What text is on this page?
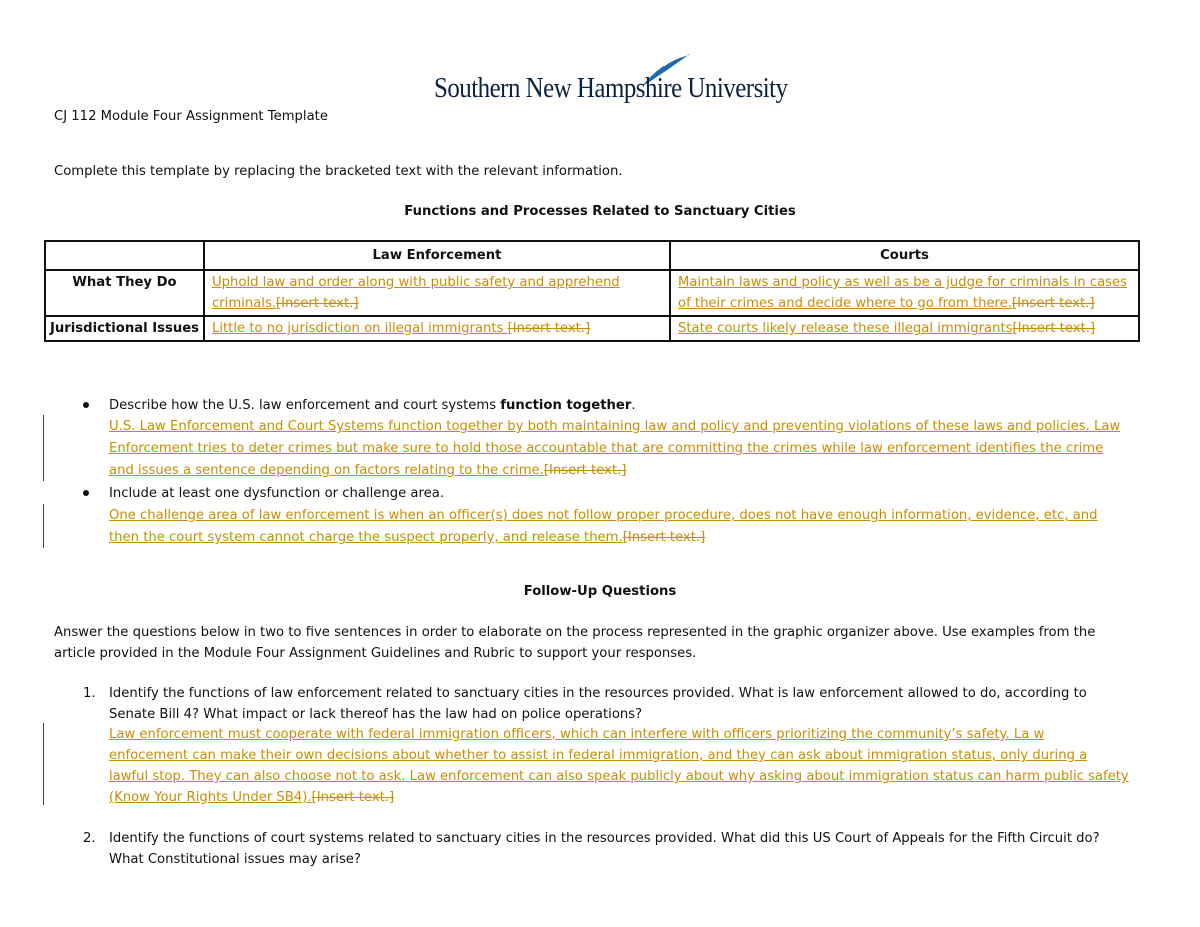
Southern New Hampshire University
CJ 112 Module Four Assignment Template
Complete this template by replacing the bracketed text with the relevant information.
Functions and Processes Related to Sanctuary Cities
	Law Enforcement	Courts
What They Do	Uphold law and order along with public safety and apprehend criminals.[Insert text.]	Maintain laws and policy as well as be a judge for criminals in cases of their crimes and decide where to go from there.[Insert text.]
Jurisdictional Issues	Little to no jurisdiction on illegal immigrants [Insert text.]	State courts likely release these illegal immigrants[Insert text.]
Describe how the U.S. law enforcement and court systems function together.
U.S. Law Enforcement and Court Systems function together by both maintaining law and policy and preventing violations of these laws and policies. Law
Enforcement tries to deter crimes but make sure to hold those accountable that are committing the crimes while law enforcement identifies the crime
and issues a sentence depending on factors relating to the crime.[Insert text.]
Include at least one dysfunction or challenge area.
One challenge area of law enforcement is when an officer(s) does not follow proper procedure, does not have enough information, evidence, etc, and
then the court system cannot charge the suspect properly, and release them.[Insert text.]
Follow-Up Questions
Answer the questions below in two to five sentences in order to elaborate on the process represented in the graphic organizer above. Use examples from the
article provided in the Module Four Assignment Guidelines and Rubric to support your responses.
1. Identify the functions of law enforcement related to sanctuary cities in the resources provided. What is law enforcement allowed to do, according to
Senate Bill 4? What impact or lack thereof has the law had on police operations?
Law enforcement must cooperate with federal immigration officers, which can interfere with officers prioritizing the community’s safety. La w
enfocement can make their own decisions about whether to assist in federal immigration, and they can ask about immigration status, only during a
lawful stop. They can also choose not to ask. Law enforcement can also speak publicly about why asking about immigration status can harm public safety
(Know Your Rights Under SB4).[Insert text.]
2. Identify the functions of court systems related to sanctuary cities in the resources provided. What did this US Court of Appeals for the Fifth Circuit do?
What Constitutional issues may arise?
